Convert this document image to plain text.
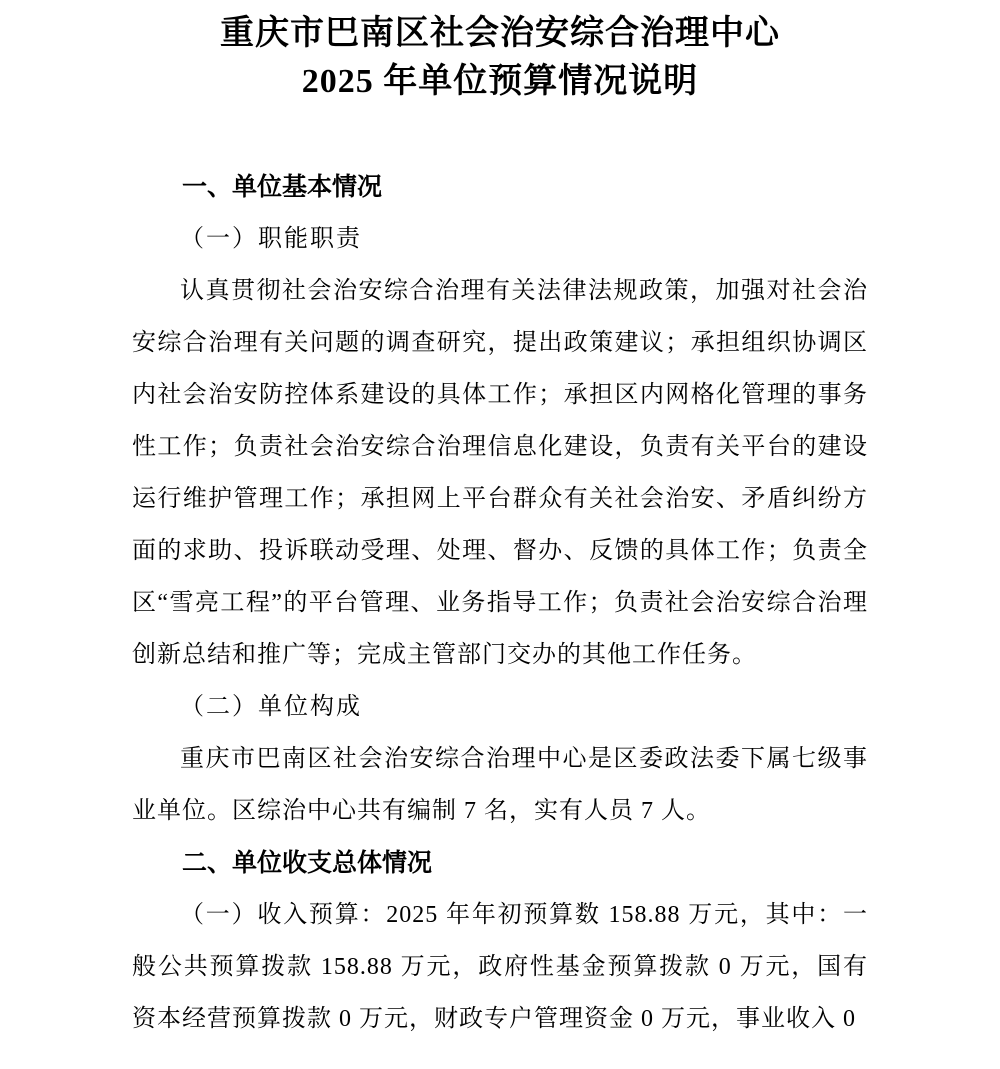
重庆市巴南区社会治安综合治理中心
2025 年单位预算情况说明

一、单位基本情况

（一）职能职责

认真贯彻社会治安综合治理有关法律法规政策，加强对社会治安综合治理有关问题的调查研究，提出政策建议；承担组织协调区内社会治安防控体系建设的具体工作；承担区内网格化管理的事务性工作；负责社会治安综合治理信息化建设，负责有关平台的建设运行维护管理工作；承担网上平台群众有关社会治安、矛盾纠纷方面的求助、投诉联动受理、处理、督办、反馈的具体工作；负责全区“雪亮工程”的平台管理、业务指导工作；负责社会治安综合治理创新总结和推广等；完成主管部门交办的其他工作任务。

（二）单位构成

重庆市巴南区社会治安综合治理中心是区委政法委下属七级事业单位。区综治中心共有编制 7 名，实有人员 7 人。

二、单位收支总体情况

（一）收入预算：2025 年年初预算数 158.88 万元，其中：一般公共预算拨款 158.88 万元，政府性基金预算拨款 0 万元，国有资本经营预算拨款 0 万元，财政专户管理资金 0 万元，事业收入 0
